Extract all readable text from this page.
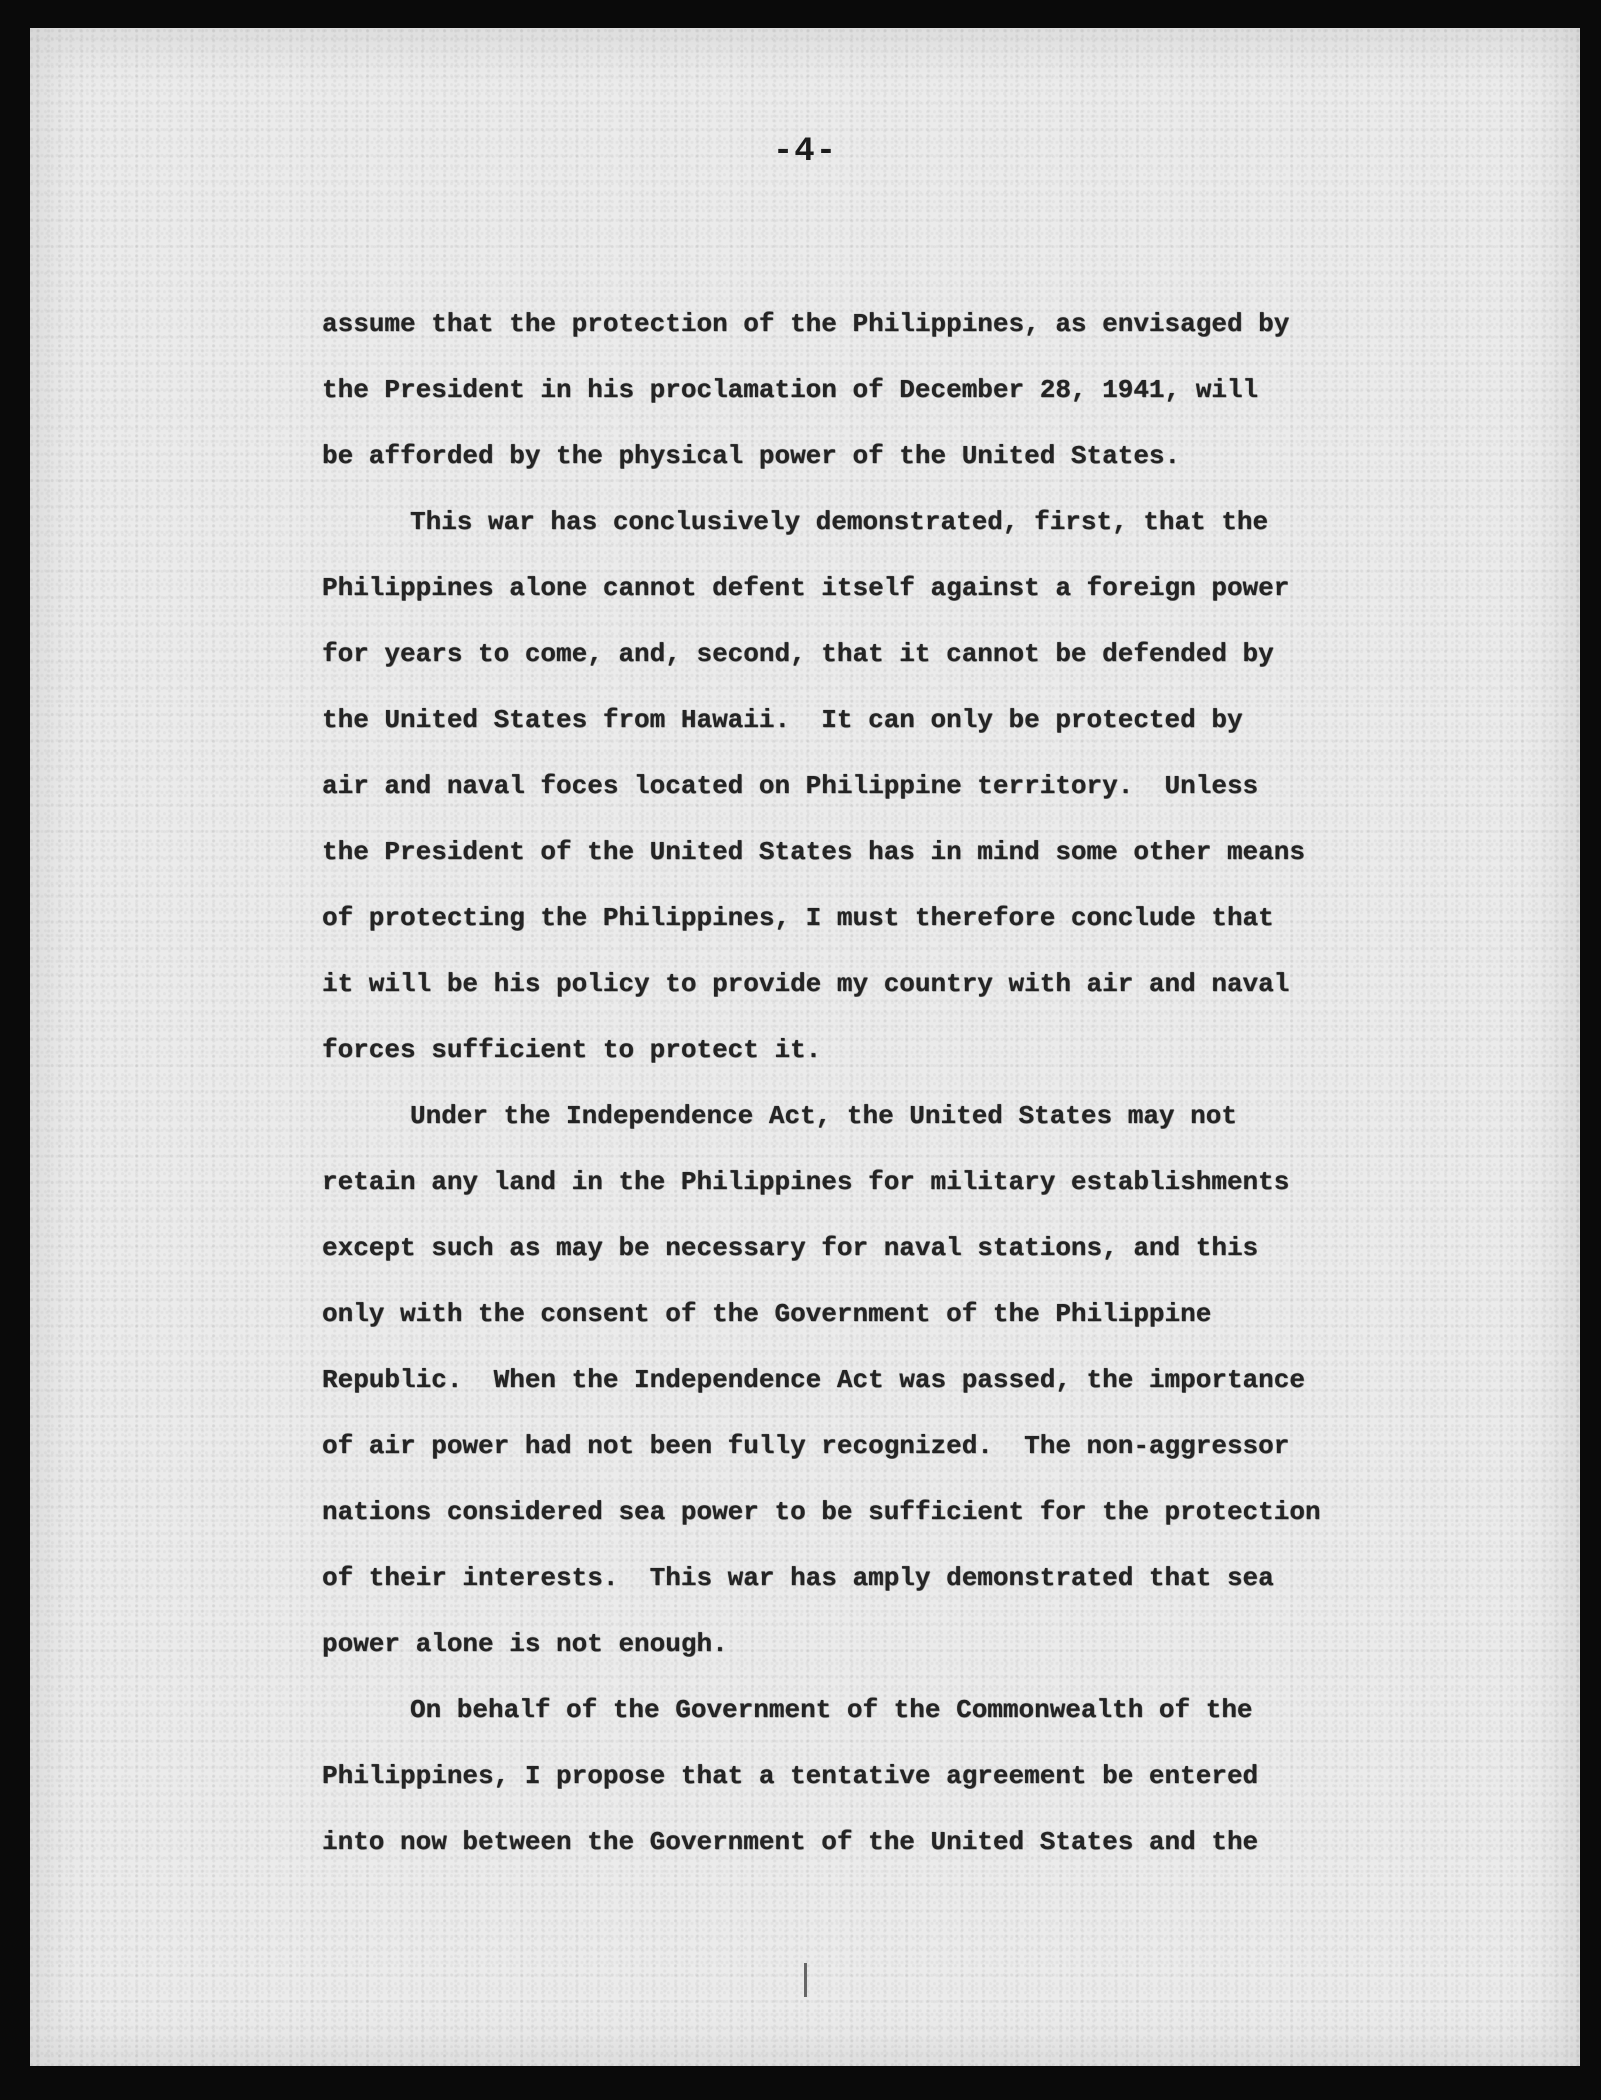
-4-
assume that the protection of the Philippines, as envisaged by
the President in his proclamation of December 28, 1941, will
be afforded by the physical power of the United States.
This war has conclusively demonstrated, first, that the
Philippines alone cannot defent itself against a foreign power
for years to come, and, second, that it cannot be defended by
the United States from Hawaii.  It can only be protected by
air and naval foces located on Philippine territory.  Unless
the President of the United States has in mind some other means
of protecting the Philippines, I must therefore conclude that
it will be his policy to provide my country with air and naval
forces sufficient to protect it.
Under the Independence Act, the United States may not
retain any land in the Philippines for military establishments
except such as may be necessary for naval stations, and this
only with the consent of the Government of the Philippine
Republic.  When the Independence Act was passed, the importance
of air power had not been fully recognized.  The non-aggressor
nations considered sea power to be sufficient for the protection
of their interests.  This war has amply demonstrated that sea
power alone is not enough.
On behalf of the Government of the Commonwealth of the
Philippines, I propose that a tentative agreement be entered
into now between the Government of the United States and the
